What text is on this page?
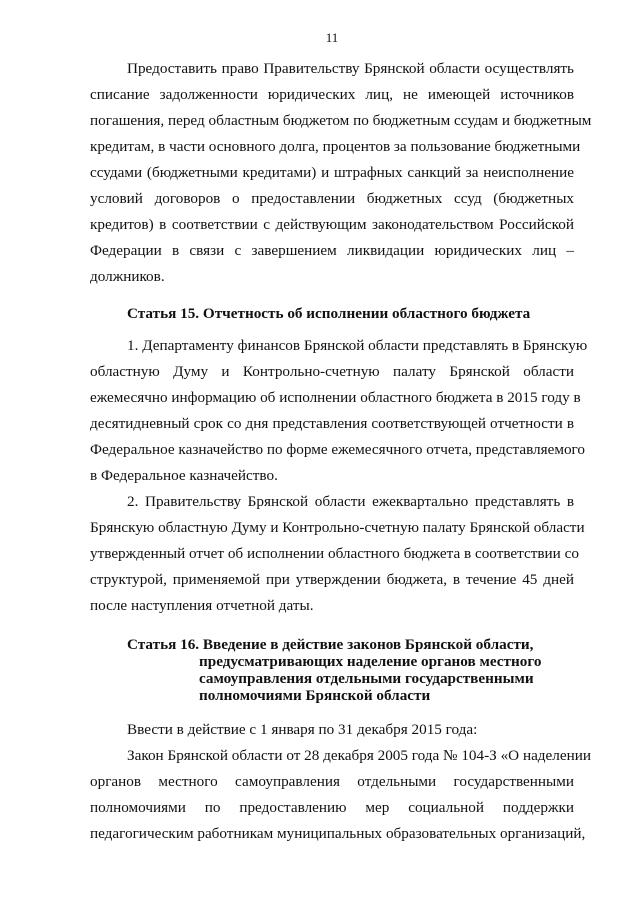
11
Предоставить право Правительству Брянской области осуществлять
списание задолженности юридических лиц, не имеющей источников
погашения, перед областным бюджетом по бюджетным ссудам и бюджетным
кредитам, в части основного долга, процентов за пользование бюджетными
ссудами (бюджетными кредитами) и штрафных санкций за неисполнение
условий договоров о предоставлении бюджетных ссуд (бюджетных
кредитов) в соответствии с действующим законодательством Российской
Федерации в связи с завершением ликвидации юридических лиц –
должников.
Статья 15. Отчетность об исполнении областного бюджета
1. Департаменту финансов Брянской области представлять в Брянскую
областную Думу и Контрольно-счетную палату Брянской области
ежемесячно информацию об исполнении областного бюджета в 2015 году в
десятидневный срок со дня представления соответствующей отчетности в
Федеральное казначейство по форме ежемесячного отчета, представляемого
в Федеральное казначейство.
2. Правительству Брянской области ежеквартально представлять в
Брянскую областную Думу и Контрольно-счетную палату Брянской области
утвержденный отчет об исполнении областного бюджета в соответствии со
структурой, применяемой при утверждении бюджета, в течение 45 дней
после наступления отчетной даты.
Статья 16. Введение в действие законов Брянской области,
предусматривающих наделение органов местного
самоуправления отдельными государственными
полномочиями Брянской области
Ввести в действие с 1 января по 31 декабря 2015 года:
Закон Брянской области от 28 декабря 2005 года № 104-З «О наделении
органов местного самоуправления отдельными государственными
полномочиями по предоставлению мер социальной поддержки
педагогическим работникам муниципальных образовательных организаций,
